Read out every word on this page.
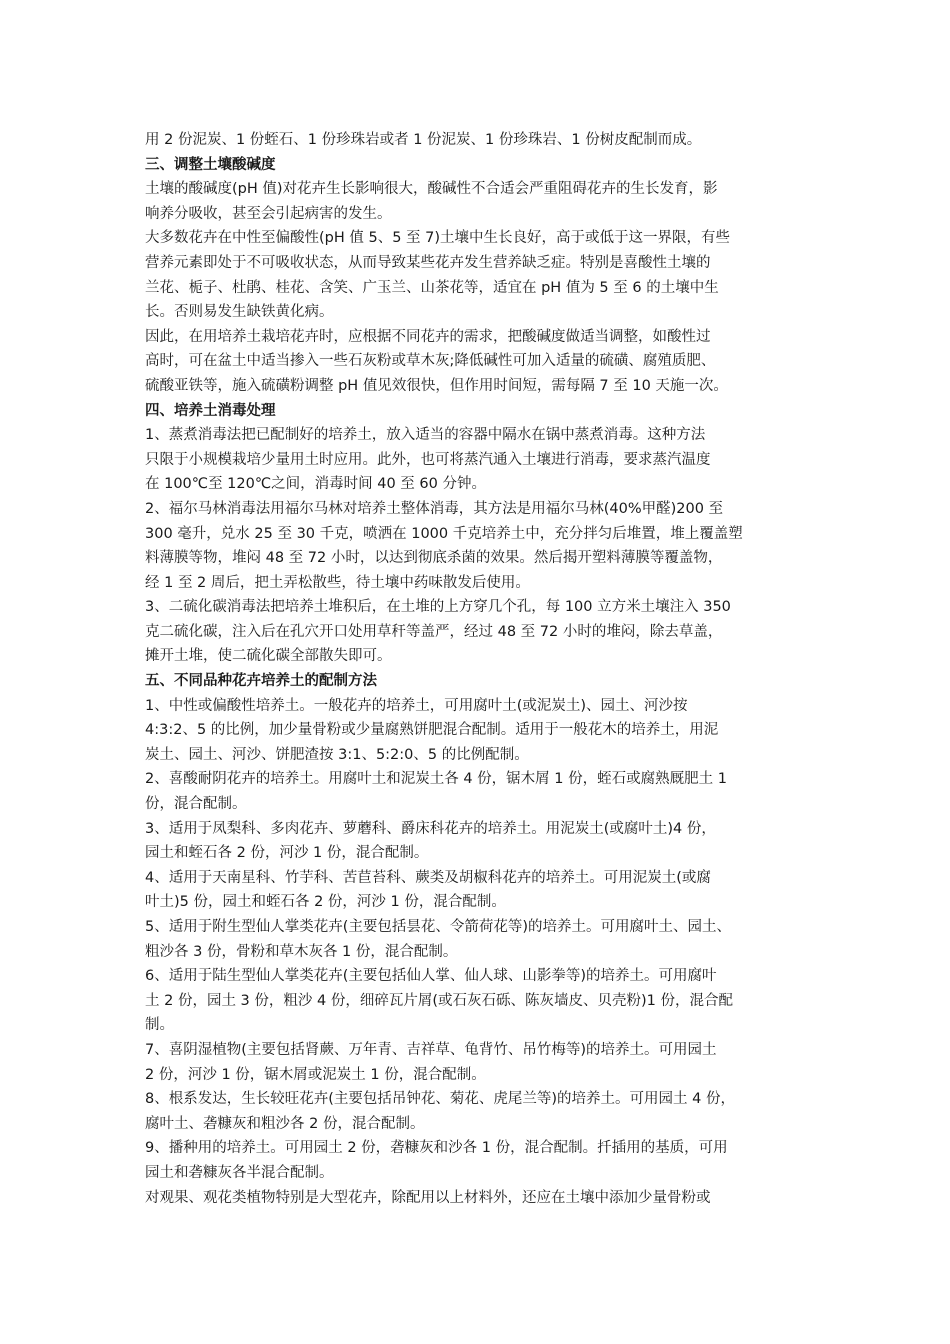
用 2 份泥炭、1 份蛭石、1 份珍珠岩或者 1 份泥炭、1 份珍珠岩、1 份树皮配制而成。
三、调整土壤酸碱度
土壤的酸碱度(pH 值)对花卉生长影响很大，酸碱性不合适会严重阻碍花卉的生长发育，影
响养分吸收，甚至会引起病害的发生。
大多数花卉在中性至偏酸性(pH 值 5、5 至 7)土壤中生长良好，高于或低于这一界限，有些
营养元素即处于不可吸收状态，从而导致某些花卉发生营养缺乏症。特别是喜酸性土壤的
兰花、栀子、杜鹃、桂花、含笑、广玉兰、山茶花等，适宜在 pH 值为 5 至 6 的土壤中生
长。否则易发生缺铁黄化病。
因此，在用培养土栽培花卉时，应根据不同花卉的需求，把酸碱度做适当调整，如酸性过
高时，可在盆土中适当掺入一些石灰粉或草木灰;降低碱性可加入适量的硫磺、腐殖质肥、
硫酸亚铁等，施入硫磺粉调整 pH 值见效很快，但作用时间短，需每隔 7 至 10 天施一次。
四、培养土消毒处理
1、蒸煮消毒法把已配制好的培养土，放入适当的容器中隔水在锅中蒸煮消毒。这种方法
只限于小规模栽培少量用土时应用。此外，也可将蒸汽通入土壤进行消毒，要求蒸汽温度
在 100℃至 120℃之间，消毒时间 40 至 60 分钟。
2、福尔马林消毒法用福尔马林对培养土整体消毒，其方法是用福尔马林(40%甲醛)200 至
300 毫升，兑水 25 至 30 千克，喷洒在 1000 千克培养土中，充分拌匀后堆置，堆上覆盖塑
料薄膜等物，堆闷 48 至 72 小时，以达到彻底杀菌的效果。然后揭开塑料薄膜等覆盖物，
经 1 至 2 周后，把土弄松散些，待土壤中药味散发后使用。
3、二硫化碳消毒法把培养土堆积后，在土堆的上方穿几个孔，每 100 立方米土壤注入 350
克二硫化碳，注入后在孔穴开口处用草秆等盖严，经过 48 至 72 小时的堆闷，除去草盖，
摊开土堆，使二硫化碳全部散失即可。
五、不同品种花卉培养土的配制方法
1、中性或偏酸性培养土。一般花卉的培养土，可用腐叶土(或泥炭土)、园土、河沙按
4:3:2、5 的比例，加少量骨粉或少量腐熟饼肥混合配制。适用于一般花木的培养土，用泥
炭土、园土、河沙、饼肥渣按 3:1、5:2:0、5 的比例配制。
2、喜酸耐阴花卉的培养土。用腐叶土和泥炭土各 4 份，锯木屑 1 份，蛭石或腐熟厩肥土 1
份，混合配制。
3、适用于凤梨科、多肉花卉、萝蘑科、爵床科花卉的培养土。用泥炭土(或腐叶土)4 份，
园土和蛭石各 2 份，河沙 1 份，混合配制。
4、适用于天南星科、竹芋科、苦苣苔科、蕨类及胡椒科花卉的培养土。可用泥炭土(或腐
叶土)5 份，园土和蛭石各 2 份，河沙 1 份，混合配制。
5、适用于附生型仙人掌类花卉(主要包括昙花、令箭荷花等)的培养土。可用腐叶土、园土、
粗沙各 3 份，骨粉和草木灰各 1 份，混合配制。
6、适用于陆生型仙人掌类花卉(主要包括仙人掌、仙人球、山影拳等)的培养土。可用腐叶
土 2 份，园土 3 份，粗沙 4 份，细碎瓦片屑(或石灰石砾、陈灰墙皮、贝壳粉)1 份，混合配
制。
7、喜阴湿植物(主要包括肾蕨、万年青、吉祥草、龟背竹、吊竹梅等)的培养土。可用园土
2 份，河沙 1 份，锯木屑或泥炭土 1 份，混合配制。
8、根系发达，生长较旺花卉(主要包括吊钟花、菊花、虎尾兰等)的培养土。可用园土 4 份，
腐叶土、砻糠灰和粗沙各 2 份，混合配制。
9、播种用的培养土。可用园土 2 份，砻糠灰和沙各 1 份，混合配制。扦插用的基质，可用
园土和砻糠灰各半混合配制。
对观果、观花类植物特别是大型花卉，除配用以上材料外，还应在土壤中添加少量骨粉或
